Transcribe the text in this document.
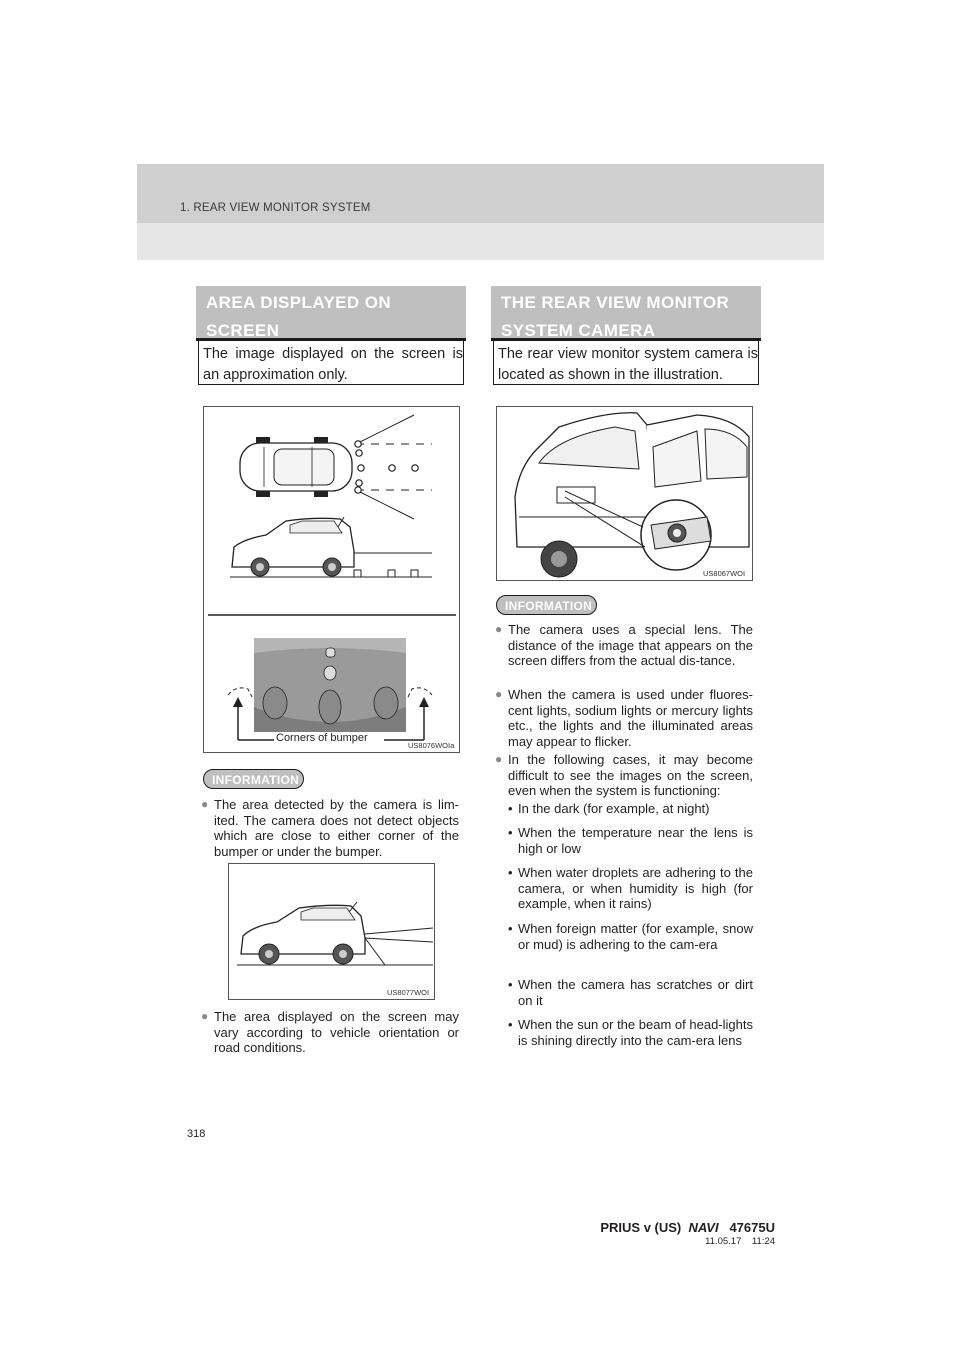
1. REAR VIEW MONITOR SYSTEM
AREA DISPLAYED ON
SCREEN
The image displayed on the screen is an approximation only.
Corners of bumper
US8076WOIa
INFORMATION
● The area detected by the camera is lim-ited. The camera does not detect objects which are close to either corner of the bumper or under the bumper.
US8077WOI
● The area displayed on the screen may vary according to vehicle orientation or road conditions.
THE REAR VIEW MONITOR
SYSTEM CAMERA
The rear view monitor system camera is located as shown in the illustration.
US8067WOI
INFORMATION
● The camera uses a special lens. The distance of the image that appears on the screen differs from the actual dis-tance.
● When the camera is used under fluores-cent lights, sodium lights or mercury lights etc., the lights and the illuminated areas may appear to flicker.
● In the following cases, it may become difficult to see the images on the screen, even when the system is functioning:
• In the dark (for example, at night)
• When the temperature near the lens is high or low
• When water droplets are adhering to the camera, or when humidity is high (for example, when it rains)
• When foreign matter (for example, snow or mud) is adhering to the cam-era
• When the camera has scratches or dirt on it
• When the sun or the beam of head-lights is shining directly into the cam-era lens
318
PRIUS v (US) NAVI 47675U
11.05.17 11:24
